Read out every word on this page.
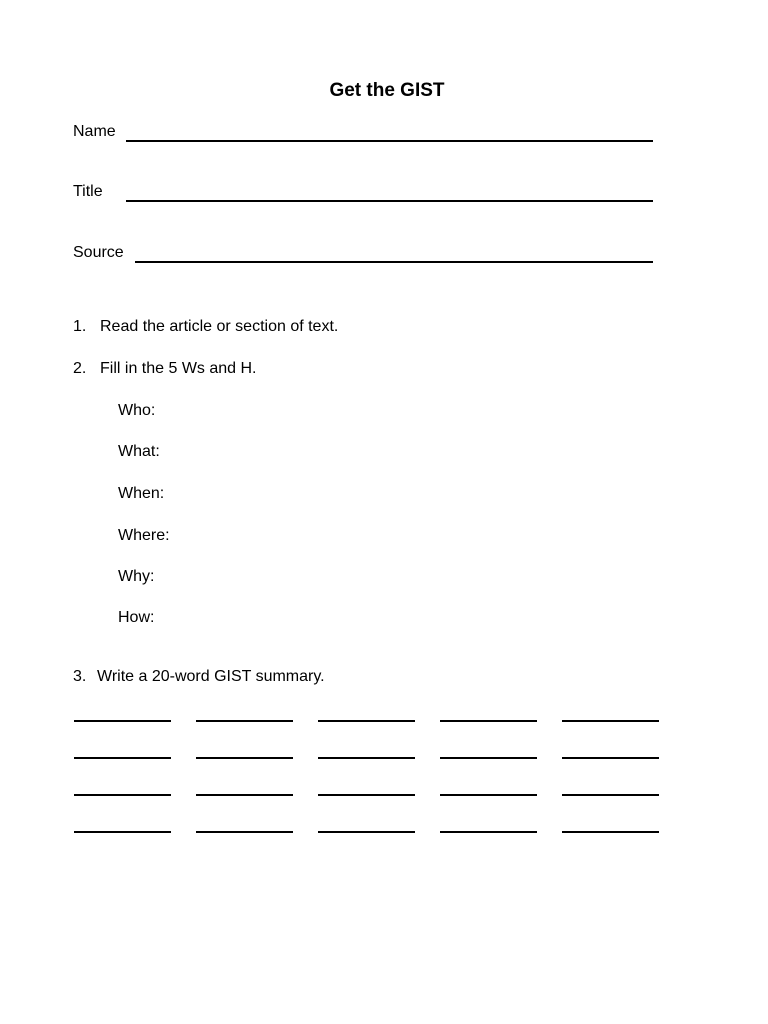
Get the GIST
Name
Title
Source
1. Read the article or section of text.
2. Fill in the 5 Ws and H.
Who:
What:
When:
Where:
Why:
How:
3. Write a 20-word GIST summary.
